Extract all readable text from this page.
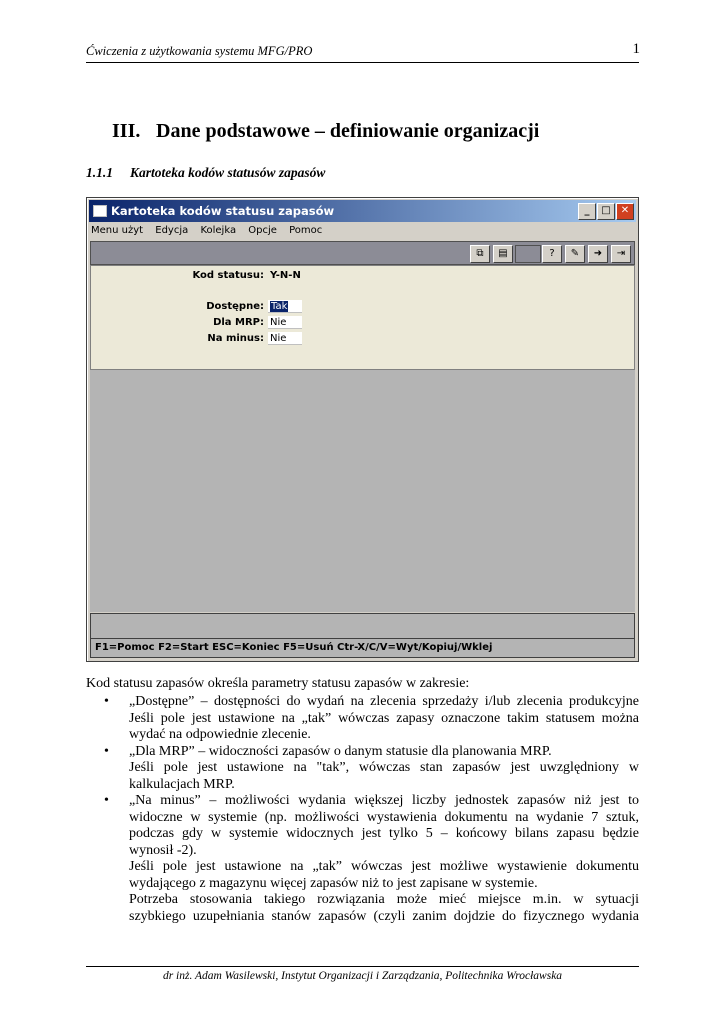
Ćwiczenia z użytkowania systemu MFG/PRO	1
III. Dane podstawowe – definiowanie organizacji
1.1.1 Kartoteka kodów statusów zapasów
Kartoteka kodów statusu zapasów	_	□	✕
Menu użyt Edycja Kolejka Opcje Pomoc
⧉	▤	?	✎	➜	⇥
Kod statusu: Y-N-N
Dostępne: Tak
Dla MRP: Nie
Na minus: Nie
F1=Pomoc F2=Start ESC=Koniec F5=Usuń Ctr-X/C/V=Wyt/Kopiuj/Wklej
Kod statusu zapasów określa parametry statusu zapasów w zakresie:
• „Dostępne” – dostępności do wydań na zlecenia sprzedaży i/lub zlecenia produkcyjne

Jeśli pole jest ustawione na „tak” wówczas zapasy oznaczone takim statusem można

wydać na odpowiednie zlecenie.

• „Dla MRP” – widoczności zapasów o danym statusie dla planowania MRP.

Jeśli pole jest ustawione na "tak”, wówczas stan zapasów jest uwzględniony w

kalkulacjach MRP.

• „Na minus” – możliwości wydania większej liczby jednostek zapasów niż jest to

widoczne w systemie (np. możliwości wystawienia dokumentu na wydanie 7 sztuk,

podczas gdy w systemie widocznych jest tylko 5 – końcowy bilans zapasu będzie

wynosił -2).

Jeśli pole jest ustawione na „tak” wówczas jest możliwe wystawienie dokumentu

wydającego z magazynu więcej zapasów niż to jest zapisane w systemie.

Potrzeba stosowania takiego rozwiązania może mieć miejsce m.in. w sytuacji

szybkiego uzupełniania stanów zapasów (czyli zanim dojdzie do fizycznego wydania

dr inż. Adam Wasilewski, Instytut Organizacji i Zarządzania, Politechnika Wrocławska
